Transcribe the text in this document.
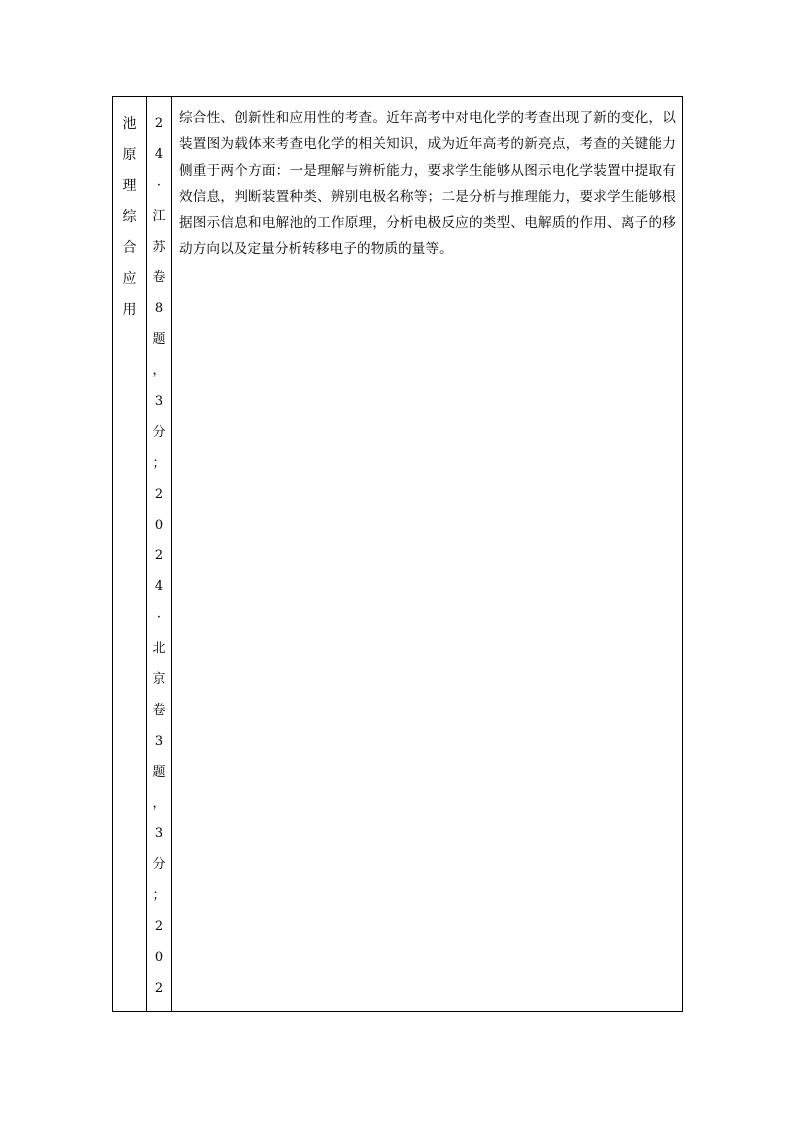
池
原
理
综
合
应
用

2
4
·
江
苏
卷
8
题
，
3
分
；
2
0
2
4
·
北
京
卷
3
题
，
3
分
；
2
0
2

综合性、创新性和应用性的考查。近年高考中对电化学的考查出现了新的变化，以装置图为载体来考查电化学的相关知识，成为近年高考的新亮点，考查的关键能力侧重于两个方面：一是理解与辨析能力，要求学生能够从图示电化学装置中提取有效信息，判断装置种类、辨别电极名称等；二是分析与推理能力，要求学生能够根据图示信息和电解池的工作原理，分析电极反应的类型、电解质的作用、离子的移动方向以及定量分析转移电子的物质的量等。
